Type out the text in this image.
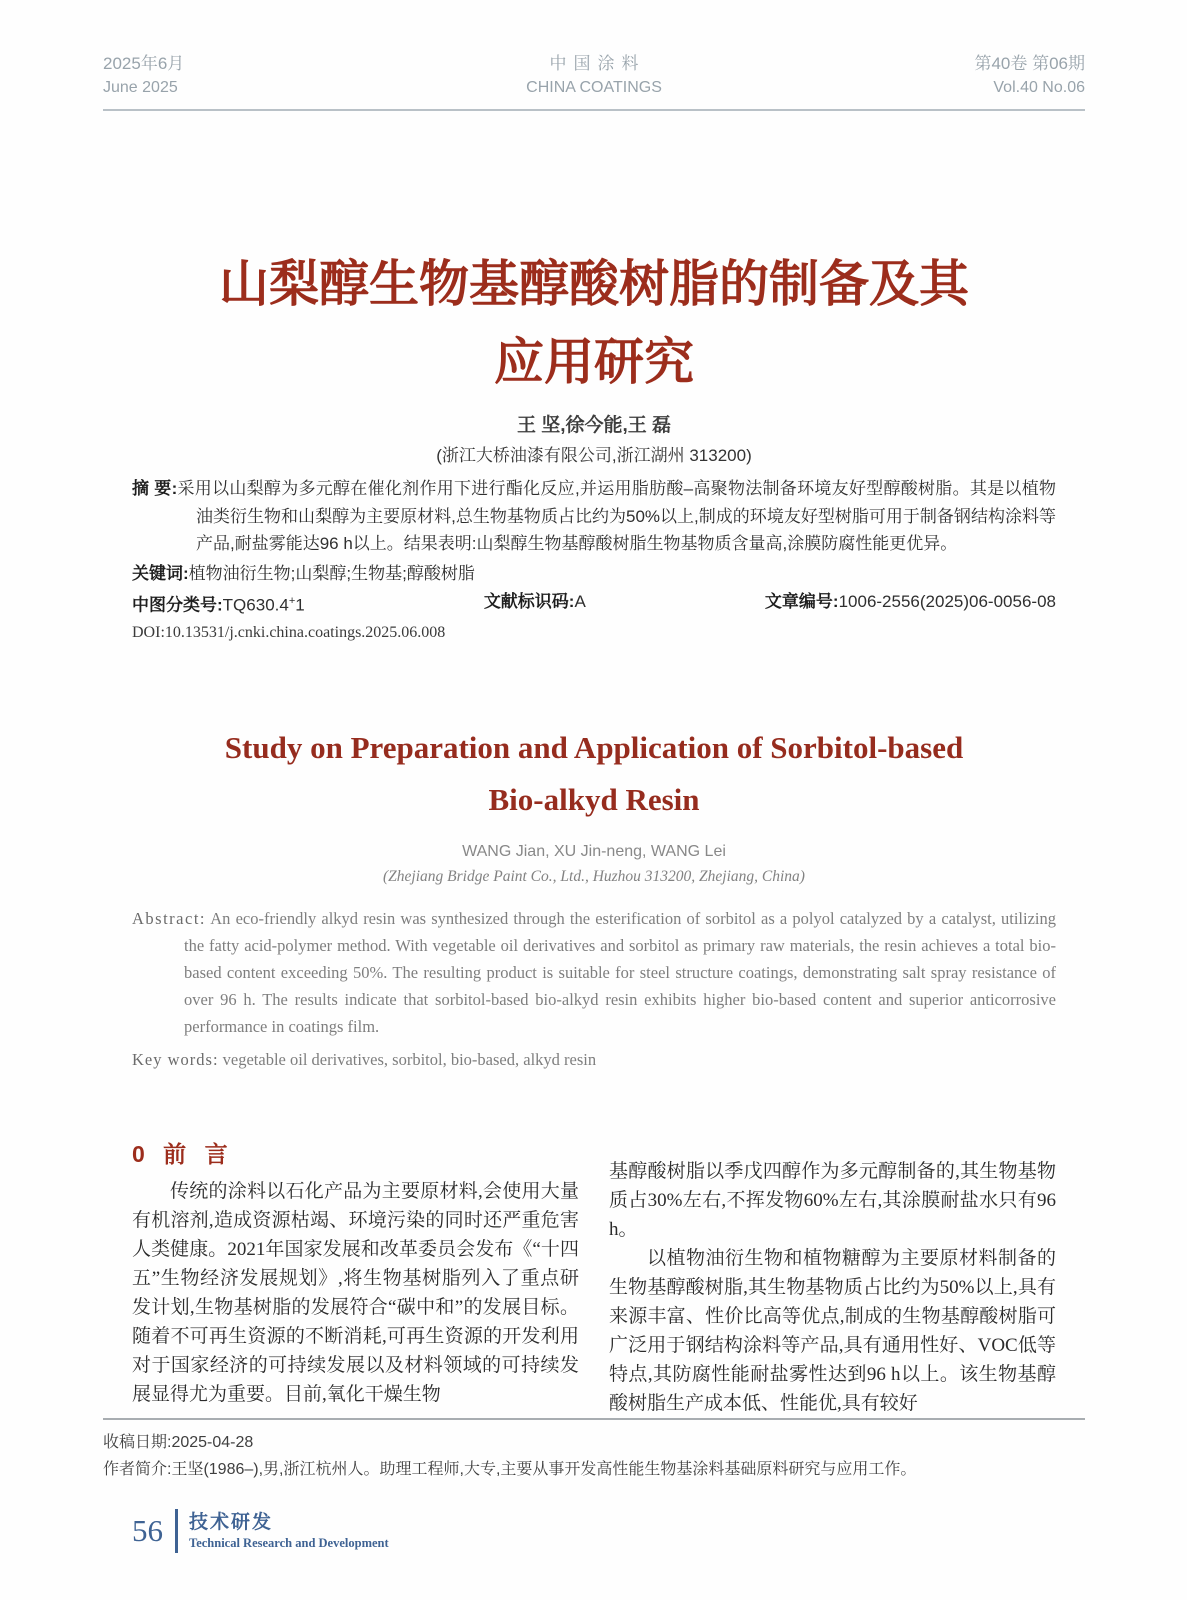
2025年6月
June 2025
中国涂料
CHINA COATINGS
第40卷 第06期
Vol.40 No.06
山梨醇生物基醇酸树脂的制备及其
应用研究
王 坚,徐今能,王 磊
(浙江大桥油漆有限公司,浙江湖州 313200)

摘 要:采用以山梨醇为多元醇在催化剂作用下进行酯化反应,并运用脂肪酸–高聚物法制备环境友好型醇酸树脂。其是以植物油类衍生物和山梨醇为主要原材料,总生物基物质占比约为50%以上,制成的环境友好型树脂可用于制备钢结构涂料等产品,耐盐雾能达96 h以上。结果表明:山梨醇生物基醇酸树脂生物基物质含量高,涂膜防腐性能更优异。

关键词:植物油衍生物;山梨醇;生物基;醇酸树脂

中图分类号:TQ630.4+1	文献标识码:A	文章编号:1006-2556(2025)06-0056-08
DOI:10.13531/j.cnki.china.coatings.2025.06.008
Study on Preparation and Application of Sorbitol-based
Bio-alkyd Resin
WANG Jian, XU Jin-neng, WANG Lei
(Zhejiang Bridge Paint Co., Ltd., Huzhou 313200, Zhejiang, China)

Abstract: An eco-friendly alkyd resin was synthesized through the esterification of sorbitol as a polyol catalyzed by a catalyst, utilizing the fatty acid-polymer method. With vegetable oil derivatives and sorbitol as primary raw materials, the resin achieves a total bio-based content exceeding 50%. The resulting product is suitable for steel structure coatings, demonstrating salt spray resistance of over 96 h. The results indicate that sorbitol-based bio-alkyd resin exhibits higher bio-based content and superior anticorrosive performance in coatings film.

Key words: vegetable oil derivatives, sorbitol, bio-based, alkyd resin

0 前 言

传统的涂料以石化产品为主要原材料,会使用大量有机溶剂,造成资源枯竭、环境污染的同时还严重危害人类健康。2021年国家发展和改革委员会发布《“十四五”生物经济发展规划》,将生物基树脂列入了重点研发计划,生物基树脂的发展符合“碳中和”的发展目标。随着不可再生资源的不断消耗,可再生资源的开发利用对于国家经济的可持续发展以及材料领域的可持续发展显得尤为重要。目前,氧化干燥生物

基醇酸树脂以季戊四醇作为多元醇制备的,其生物基物质占30%左右,不挥发物60%左右,其涂膜耐盐水只有96 h。

以植物油衍生物和植物糖醇为主要原材料制备的生物基醇酸树脂,其生物基物质占比约为50%以上,具有来源丰富、性价比高等优点,制成的生物基醇酸树脂可广泛用于钢结构涂料等产品,具有通用性好、VOC低等特点,其防腐性能耐盐雾性达到96 h以上。该生物基醇酸树脂生产成本低、性能优,具有较好

收稿日期:2025-04-28
作者简介:王坚(1986–),男,浙江杭州人。助理工程师,大专,主要从事开发高性能生物基涂料基础原料研究与应用工作。
56 技术研发
Technical Research and Development
